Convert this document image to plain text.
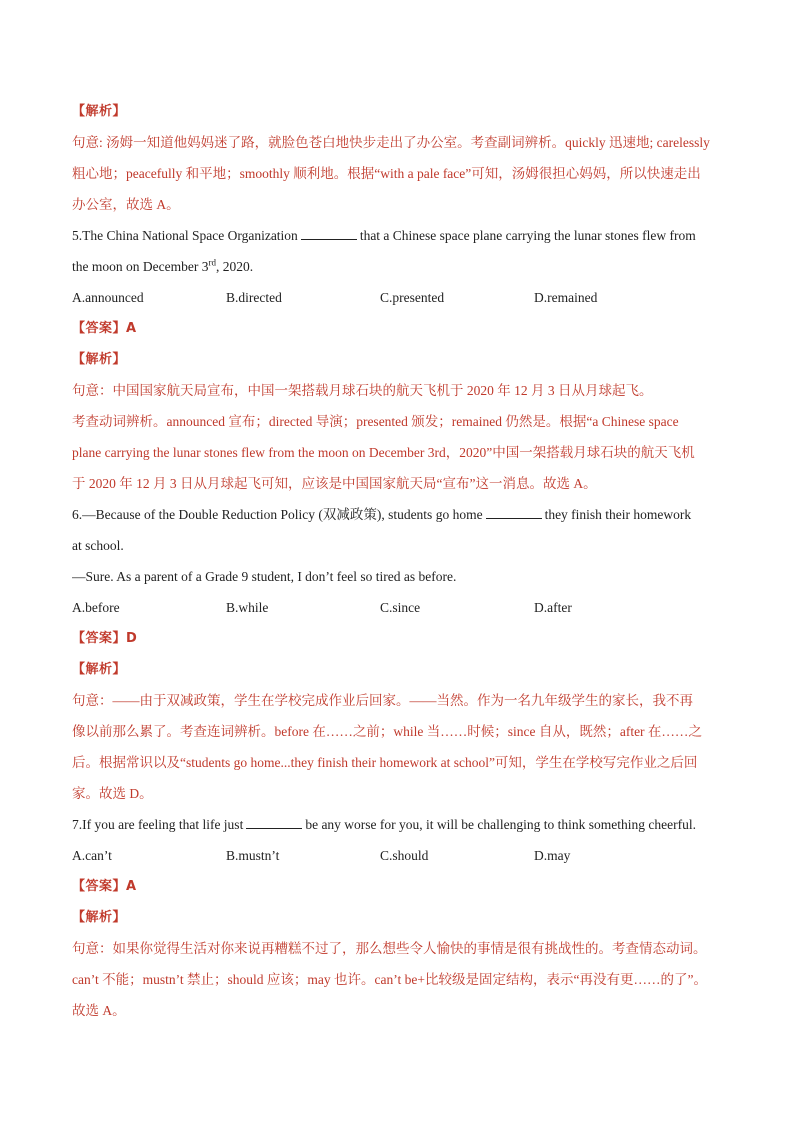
【解析】
句意: 汤姆一知道他妈妈迷了路，就脸色苍白地快步走出了办公室。考查副词辨析。quickly 迅速地; carelessly
粗心地；peacefully 和平地；smoothly 顺利地。根据“with a pale face”可知，汤姆很担心妈妈，所以快速走出
办公室，故选 A。
5.The China National Space Organization	that a Chinese space plane carrying the lunar stones flew from
the moon on December 3rd, 2020.
A.announced	B.directed	C.presented	D.remained
【答案】A
【解析】
句意：中国国家航天局宣布，中国一架搭载月球石块的航天飞机于 2020 年 12 月 3 日从月球起飞。
考查动词辨析。announced 宣布；directed 导演；presented 颁发；remained 仍然是。根据“a Chinese space
plane carrying the lunar stones flew from the moon on December 3rd，2020”中国一架搭载月球石块的航天飞机
于 2020 年 12 月 3 日从月球起飞可知，应该是中国国家航天局“宣布”这一消息。故选 A。
6.—Because of the Double Reduction Policy (双减政策), students go home	they finish their homework
at school.
—Sure. As a parent of a Grade 9 student, I don’t feel so tired as before.
A.before	B.while	C.since	D.after
【答案】D
【解析】
句意：——由于双减政策，学生在学校完成作业后回家。——当然。作为一名九年级学生的家长，我不再
像以前那么累了。考查连词辨析。before 在……之前；while 当……时候；since 自从，既然；after 在……之
后。根据常识以及“students go home...they finish their homework at school”可知，学生在学校写完作业之后回
家。故选 D。
7.If you are feeling that life just	be any worse for you, it will be challenging to think something cheerful.
A.can’t	B.mustn’t	C.should	D.may
【答案】A
【解析】
句意：如果你觉得生活对你来说再糟糕不过了，那么想些令人愉快的事情是很有挑战性的。考查情态动词。
can’t 不能；mustn’t 禁止；should 应该；may 也许。can’t be+比较级是固定结构，表示“再没有更……的了”。
故选 A。
